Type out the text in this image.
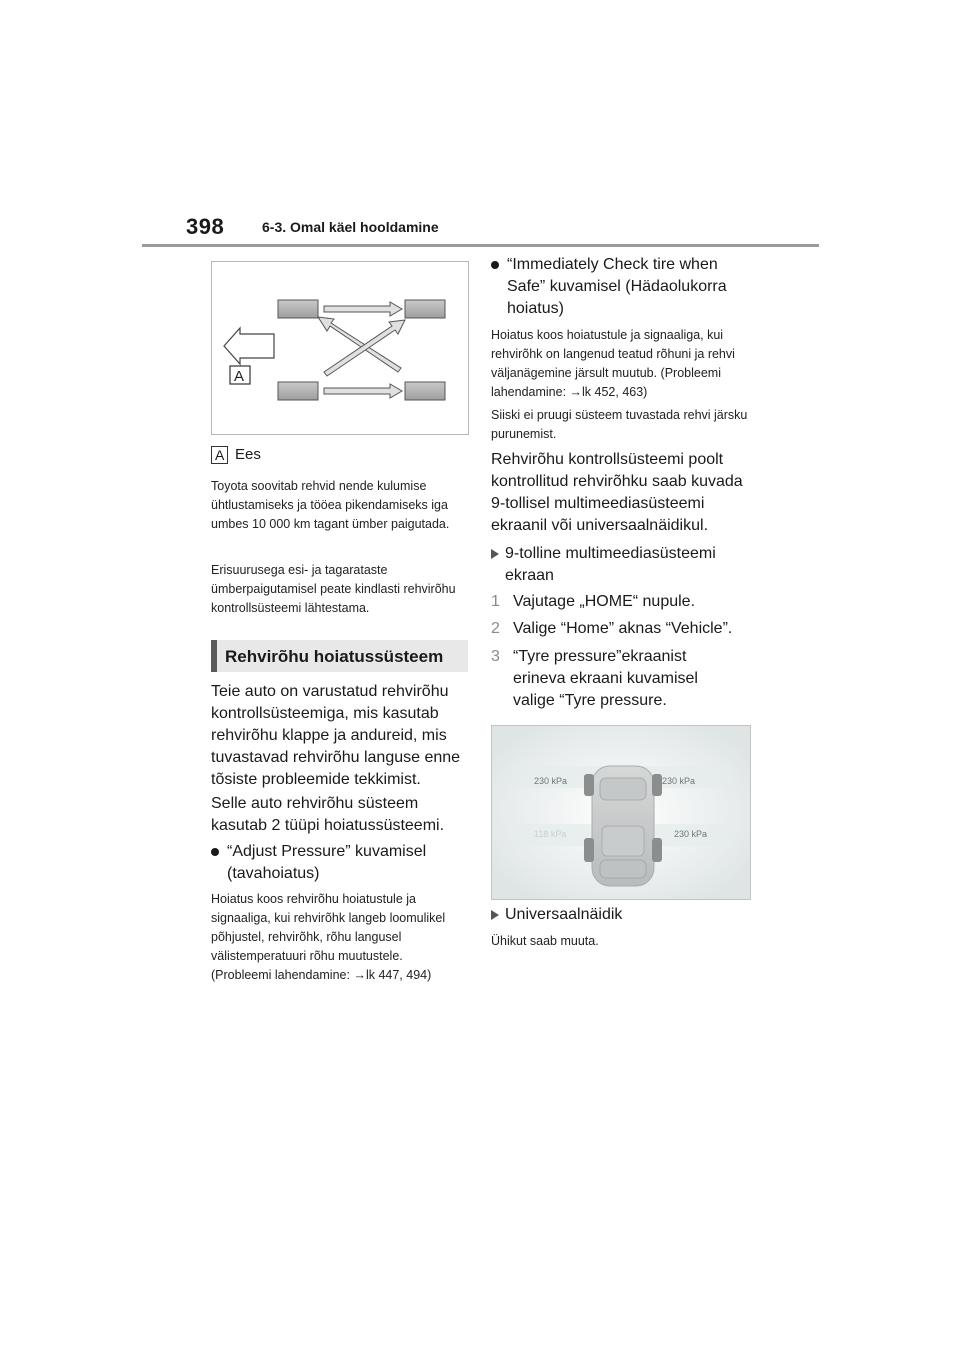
398	6-3. Omal käel hooldamine
A
A Ees
Toyota soovitab rehvid nende kulumise ühtlustamiseks ja tööea pikendamiseks iga umbes 10 000 km tagant ümber paigutada.
Erisuurusega esi- ja tagarataste ümberpaigutamisel peate kindlasti rehvirõhu kontrollsüsteemi lähtestama.
Rehvirõhu hoiatussüsteem
Teie auto on varustatud rehvirõhu kontrollsüsteemiga, mis kasutab rehvirõhu klappe ja andureid, mis tuvastavad rehvirõhu languse enne tõsiste probleemide tekkimist.
Selle auto rehvirõhu süsteem kasutab 2 tüüpi hoiatussüsteemi.
“Adjust Pressure” kuvamisel (tavahoiatus)
Hoiatus koos rehvirõhu hoiatustule ja signaaliga, kui rehvirõhk langeb loomulikel põhjustel, rehvirõhk, rõhu langusel välistemperatuuri rõhu muutustele. (Probleemi lahendamine: →lk 447, 494)
“Immediately Check tire when Safe” kuvamisel (Hädaolukorra hoiatus)
Hoiatus koos hoiatustule ja signaaliga, kui rehvirõhk on langenud teatud rõhuni ja rehvi väljanägemine järsult muutub. (Probleemi lahendamine: →lk 452, 463)
Siiski ei pruugi süsteem tuvastada rehvi järsku purunemist.
Rehvirõhu kontrollsüsteemi poolt kontrollitud rehvirõhku saab kuvada 9-tollisel multimeediasüsteemi ekraanil või universaalnäidikul.
9-tolline multimeediasüsteemi ekraan
1 Vajutage „HOME“ nupule.
2 Valige “Home” aknas “Vehicle”.
3 “Tyre pressure”ekraanist erineva ekraani kuvamisel valige “Tyre pressure.
230 kPa	230 kPa
118 kPa	230 kPa
Universaalnäidik
Ühikut saab muuta.
